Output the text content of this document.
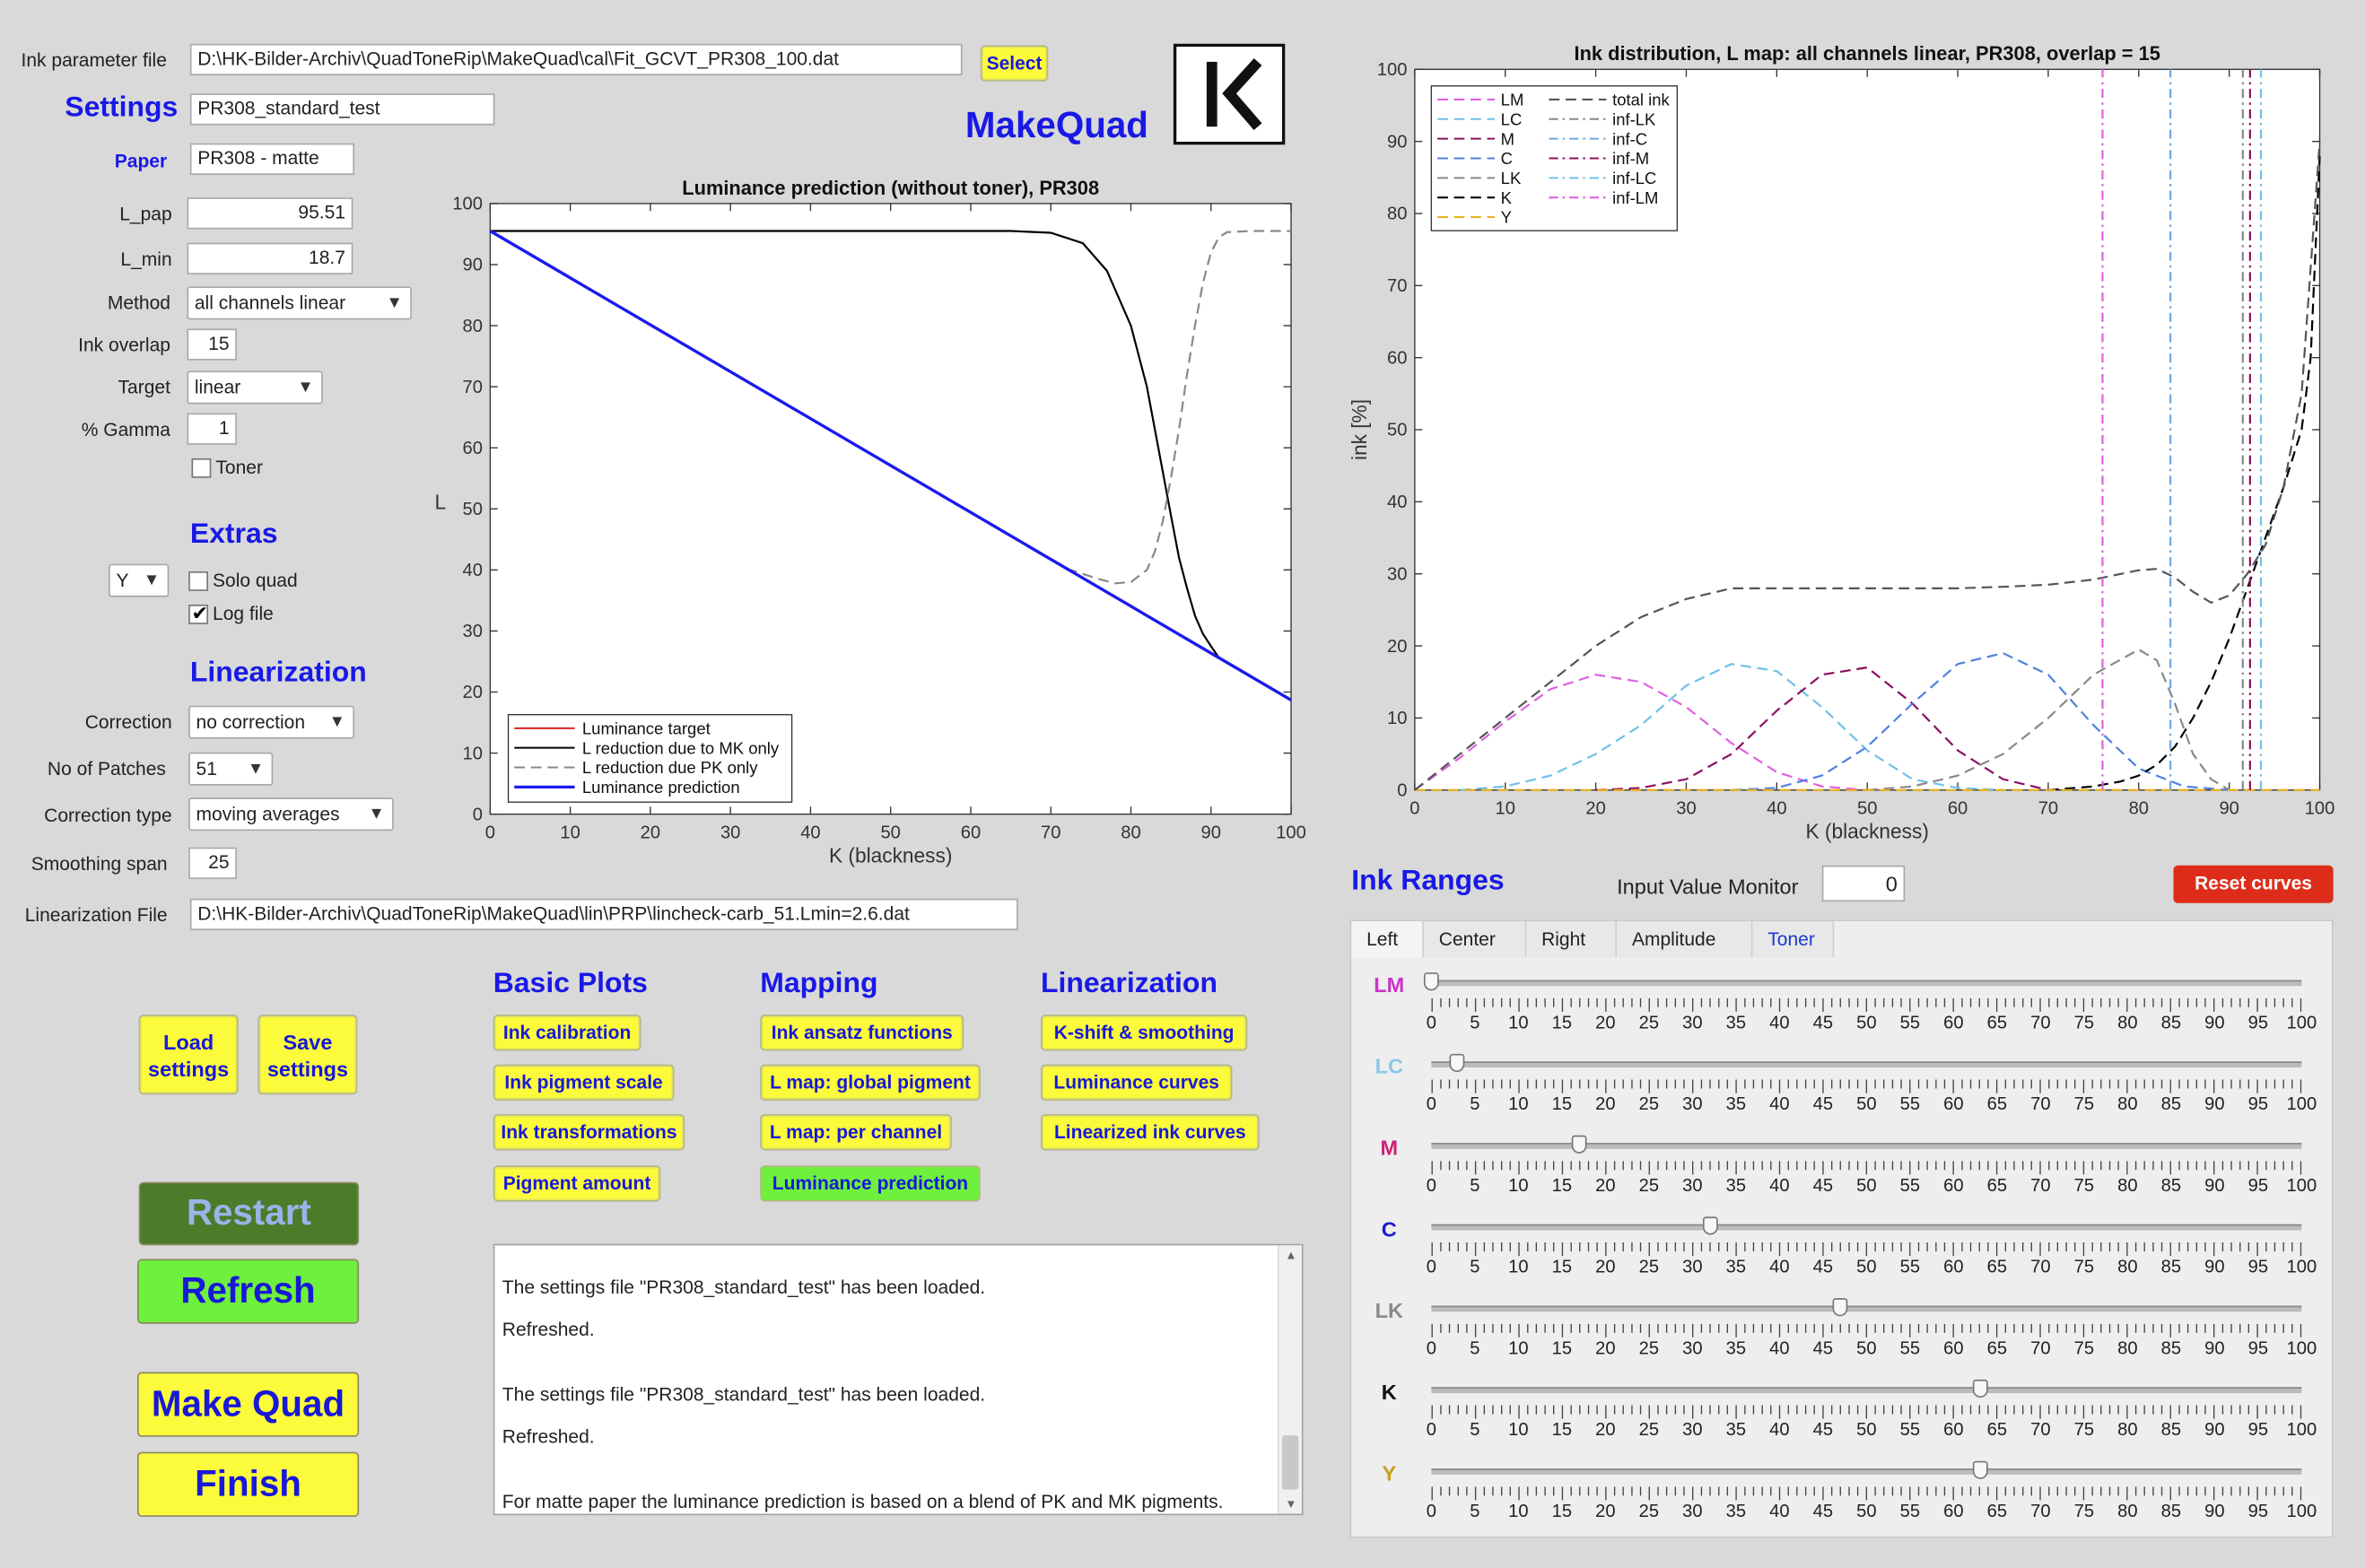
Ink parameter file	D:\HK-Bilder-Archiv\QuadToneRip\MakeQuad\cal\Fit_GCVT_PR308_100.dat	Select
MakeQuad
Settings	PR308_standard_test
Paper	PR308 - matte
L_pap	95.51
L_min	18.7
Method	all channels linear	▼
Ink overlap	15
Target	linear	▼
% Gamma	1
Toner
Extras
Y ▼	Solo quad
✔ Log file
Linearization
Correction	no correction ▼
No of Patches	51	▼
Correction type	moving averages	▼
Smoothing span	25
Linearization File	D:\HK-Bilder-Archiv\QuadToneRip\MakeQuad\lin\PRP\lincheck-carb_51.Lmin=2.6.dat
Luminance prediction (without toner), PR308
0	10	20	30	40	50	60	70	80	90	100
0
10
20
30
40
50
60
70
80
90
100
K (blackness)
L
Luminance target
L reduction due to MK only
L reduction due PK only
Luminance prediction
Ink distribution, L map: all channels linear, PR308, overlap = 15
0	10	20	30	40	50	60	70	80	90	100
0
10
20
30
40
50
60
70
80
90
100
K (blackness)
ink [%]
LM
LC
M
C
LK
K
Y
total ink
inf-LK
inf-C
inf-M
inf-LC
inf-LM
Ink Ranges	Input Value Monitor	0	Reset curves
Left	Center	Right	Amplitude	Toner
LM
0	5	10 15 20 25 30 35 40 45 50 55 60 65 70 75 80 85 90 95 100
LC
0	5	10 15 20 25 30 35 40 45 50 55 60 65 70 75 80 85 90 95 100
M
0	5	10 15 20 25 30 35 40 45 50 55 60 65 70 75 80 85 90 95 100
C
0	5	10 15 20 25 30 35 40 45 50 55 60 65 70 75 80 85 90 95 100
LK
0	5	10 15 20 25 30 35 40 45 50 55 60 65 70 75 80 85 90 95 100
K
0	5	10 15 20 25 30 35 40 45 50 55 60 65 70 75 80 85 90 95 100
Y
0	5	10 15 20 25 30 35 40 45 50 55 60 65 70 75 80 85 90 95 100
Load settings
Save settings
Restart
Refresh
Make Quad
Finish
Basic Plots
Ink calibration
Ink pigment scale
Ink transformations
Pigment amount
Mapping
Ink ansatz functions
L map: global pigment
L map: per channel
Luminance prediction
Linearization
K-shift & smoothing
Luminance curves
Linearized ink curves
The settings file "PR308_standard_test" has been loaded.
Refreshed.
The settings file "PR308_standard_test" has been loaded.
Refreshed.
For matte paper the luminance prediction is based on a blend of PK and MK pigments.
▲
▼
